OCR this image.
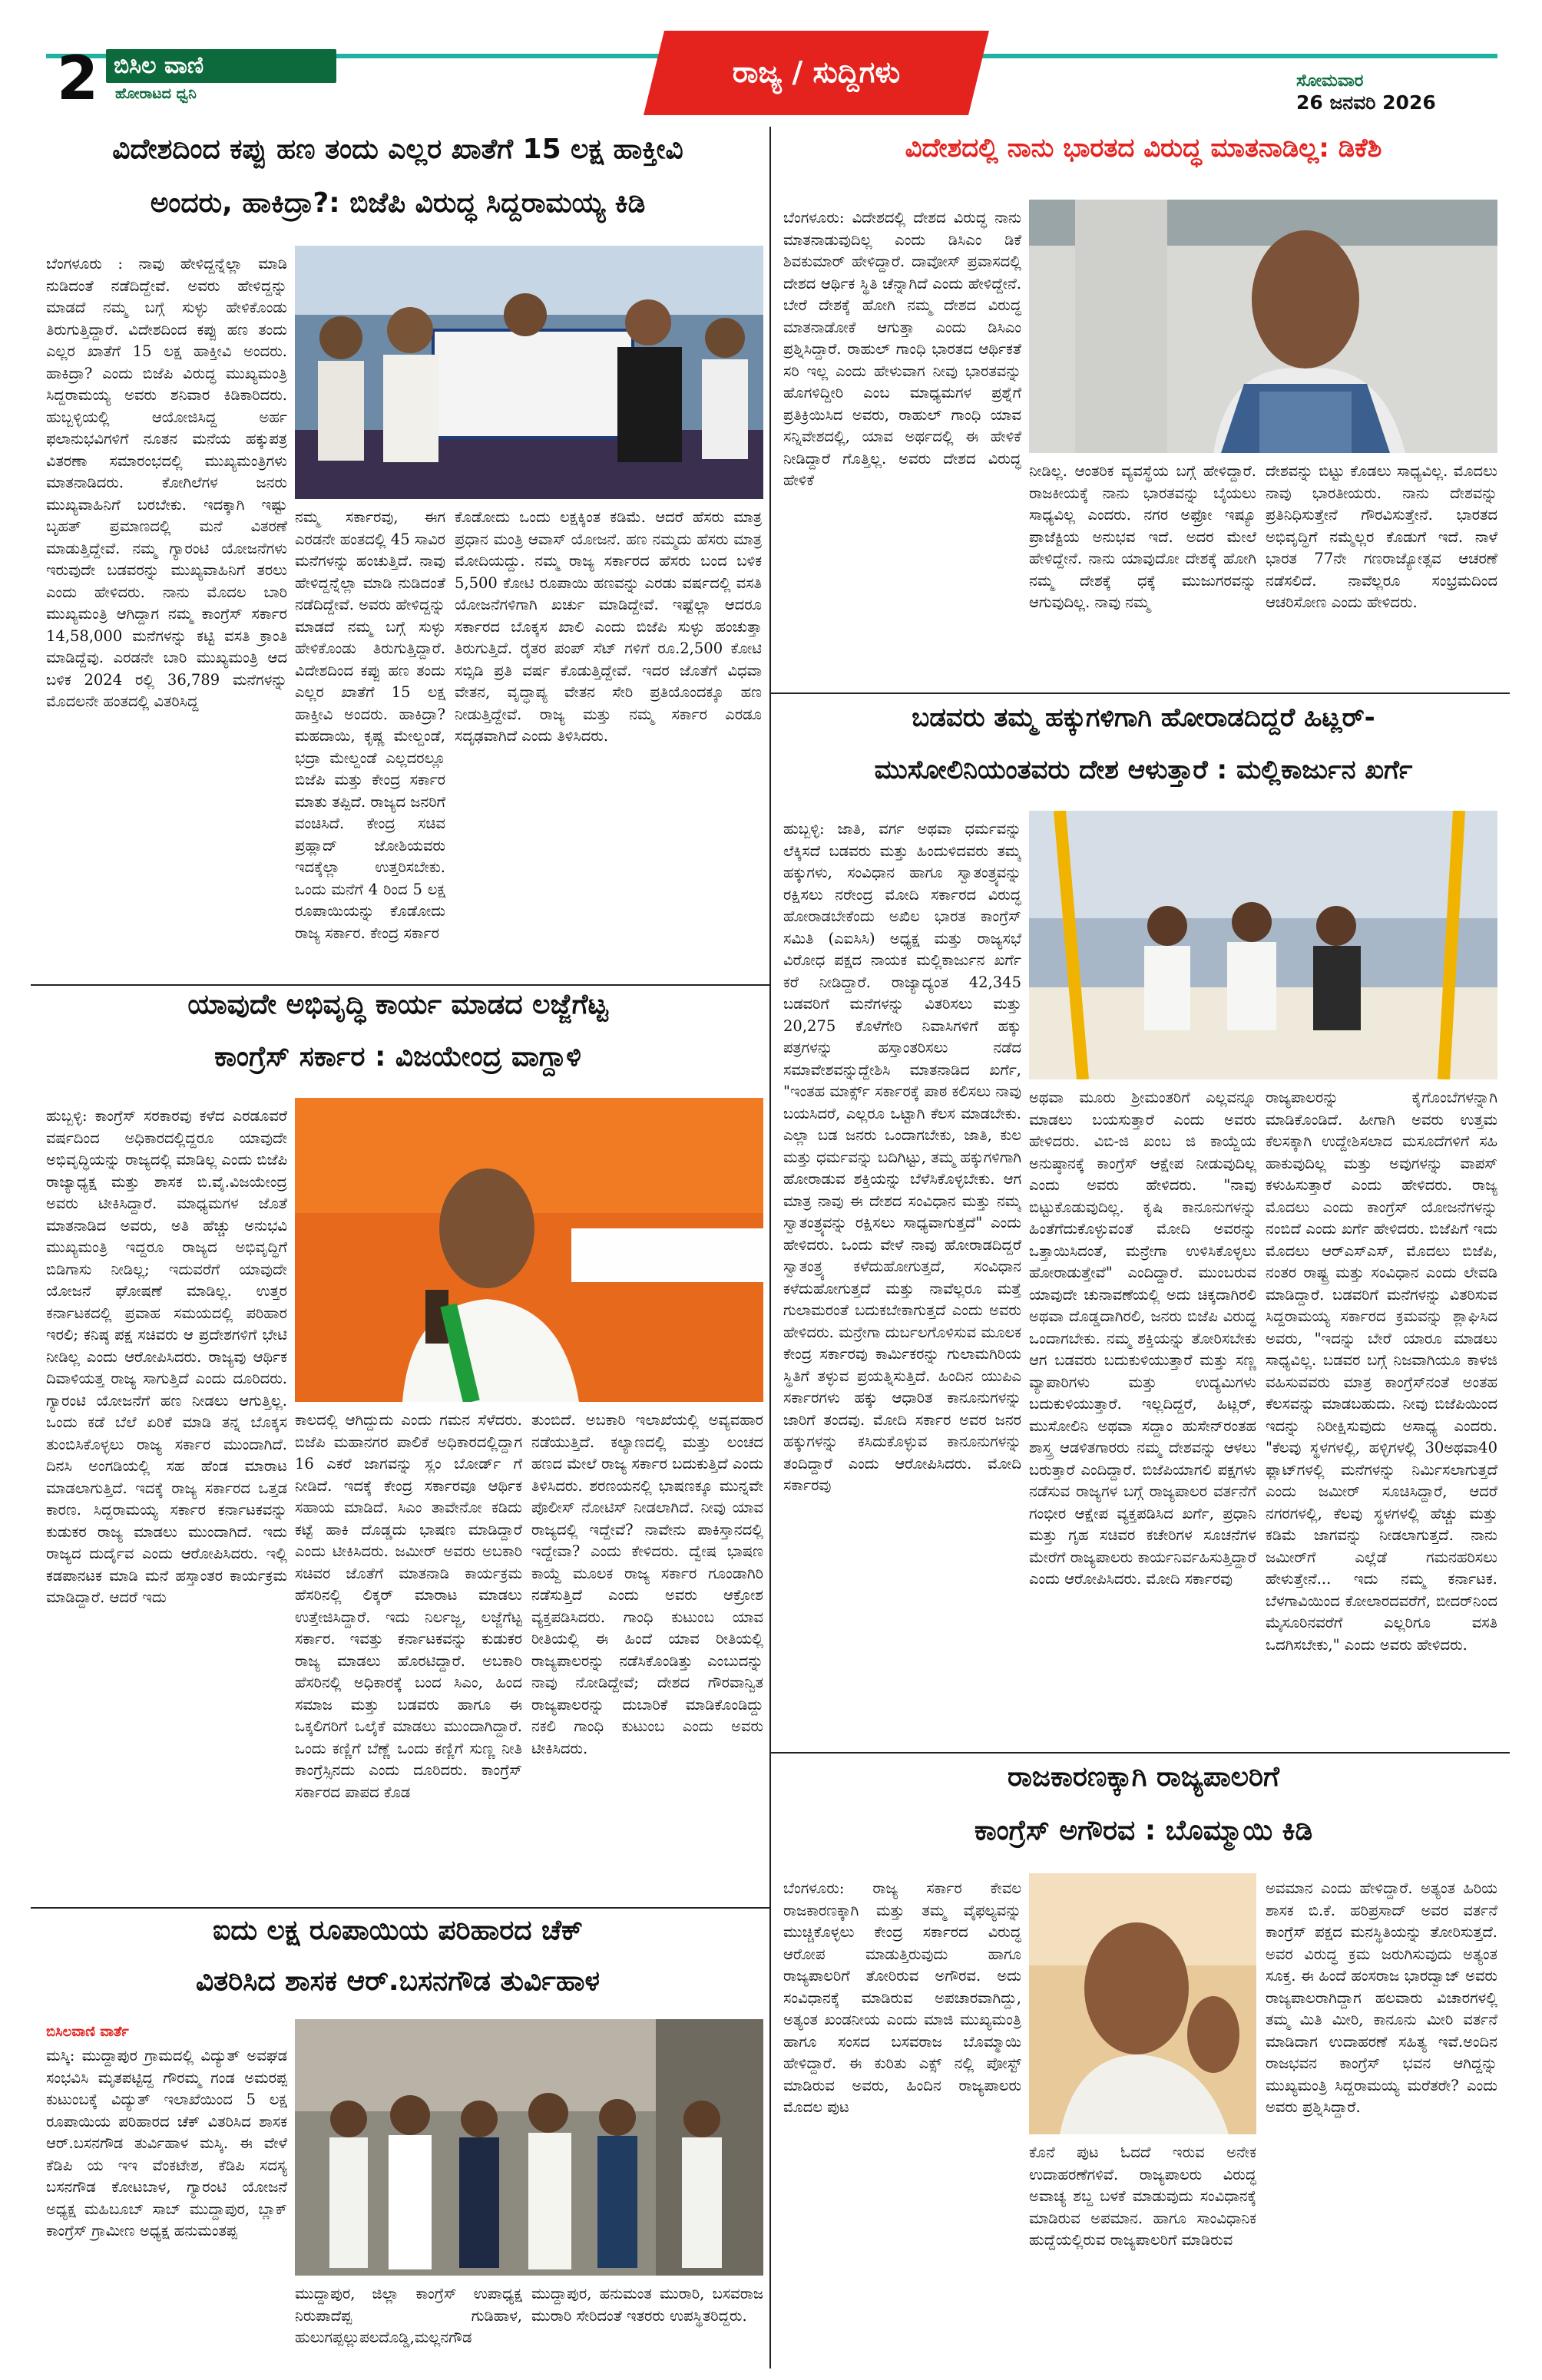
2 ಬಿಸಿಲ ವಾಣಿ
ಹೋರಾಟದ ಧ್ವನಿ
ರಾಜ್ಯ / ಸುದ್ದಿಗಳು	ಸೋಮವಾರ
26 ಜನವರಿ 2026
ವಿದೇಶದಿಂದ ಕಪ್ಪು ಹಣ ತಂದು ಎಲ್ಲರ ಖಾತೆಗೆ 15 ಲಕ್ಷ ಹಾಕ್ತೀವಿ
ಅಂದರು, ಹಾಕಿದ್ರಾ?: ಬಿಜೆಪಿ ವಿರುದ್ಧ ಸಿದ್ದರಾಮಯ್ಯ ಕಿಡಿ
ಬೆಂಗಳೂರು : ನಾವು ಹೇಳಿದ್ದನ್ನೆಲ್ಲಾ ಮಾಡಿ ನುಡಿದಂತೆ ನಡೆದಿದ್ದೇವೆ. ಅವರು ಹೇಳಿದ್ದನ್ನು ಮಾಡದೆ ನಮ್ಮ ಬಗ್ಗೆ ಸುಳ್ಳು ಹೇಳಿಕೊಂಡು ತಿರುಗುತ್ತಿದ್ದಾರೆ. ವಿದೇಶದಿಂದ ಕಪ್ಪು ಹಣ ತಂದು ಎಲ್ಲರ ಖಾತೆಗೆ 15 ಲಕ್ಷ ಹಾಕ್ತೀವಿ ಅಂದರು. ಹಾಕಿದ್ರಾ? ಎಂದು ಬಿಜೆಪಿ ವಿರುದ್ಧ ಮುಖ್ಯಮಂತ್ರಿ ಸಿದ್ದರಾಮಯ್ಯ ಅವರು ಶನಿವಾರ ಕಿಡಿಕಾರಿದರು. ಹುಬ್ಬಳ್ಳಿಯಲ್ಲಿ ಆಯೋಜಿಸಿದ್ದ ಅರ್ಹ ಫಲಾನುಭವಿಗಳಿಗೆ ನೂತನ ಮನೆಯ ಹಕ್ಕುಪತ್ರ ವಿತರಣಾ ಸಮಾರಂಭದಲ್ಲಿ ಮುಖ್ಯಮಂತ್ರಿಗಳು ಮಾತನಾಡಿದರು. ಕೋಗಿಲೆಗಳ ಜನರು ಮುಖ್ಯವಾಹಿನಿಗೆ ಬರಬೇಕು. ಇದಕ್ಕಾಗಿ ಇಷ್ಟು ಬೃಹತ್ ಪ್ರಮಾಣದಲ್ಲಿ ಮನೆ ವಿತರಣೆ ಮಾಡುತ್ತಿದ್ದೇವೆ. ನಮ್ಮ ಗ್ಯಾರಂಟಿ ಯೋಜನೆಗಳು ಇರುವುದೇ ಬಡವರನ್ನು ಮುಖ್ಯವಾಹಿನಿಗೆ ತರಲು ಎಂದು ಹೇಳಿದರು. ನಾನು ಮೊದಲ ಬಾರಿ ಮುಖ್ಯಮಂತ್ರಿ ಆಗಿದ್ದಾಗ ನಮ್ಮ ಕಾಂಗ್ರೆಸ್ ಸರ್ಕಾರ 14,58,000 ಮನೆಗಳನ್ನು ಕಟ್ಟಿ ವಸತಿ ಕ್ರಾಂತಿ ಮಾಡಿದ್ದೆವು. ಎರಡನೇ ಬಾರಿ ಮುಖ್ಯಮಂತ್ರಿ ಆದ ಬಳಿಕ 2024 ರಲ್ಲಿ 36,789 ಮನೆಗಳನ್ನು ಮೊದಲನೇ ಹಂತದಲ್ಲಿ ವಿತರಿಸಿದ್ದ
ನಮ್ಮ ಸರ್ಕಾರವು, ಈಗ ಎರಡನೇ ಹಂತದಲ್ಲಿ 45 ಸಾವಿರ ಮನೆಗಳನ್ನು ಹಂಚುತ್ತಿದೆ. ನಾವು ಹೇಳಿದ್ದನ್ನೆಲ್ಲಾ ಮಾಡಿ ನುಡಿದಂತೆ ನಡೆದಿದ್ದೇವೆ. ಅವರು ಹೇಳಿದ್ದನ್ನು ಮಾಡದೆ ನಮ್ಮ ಬಗ್ಗೆ ಸುಳ್ಳು ಹೇಳಿಕೊಂಡು ತಿರುಗುತ್ತಿದ್ದಾರೆ. ವಿದೇಶದಿಂದ ಕಪ್ಪು ಹಣ ತಂದು ಎಲ್ಲರ ಖಾತೆಗೆ 15 ಲಕ್ಷ ಹಾಕ್ತೀವಿ ಅಂದರು. ಹಾಕಿದ್ರಾ? ಮಹದಾಯಿ, ಕೃಷ್ಣ ಮೇಲ್ದಂಡೆ, ಭದ್ರಾ ಮೇಲ್ದಂಡೆ ಎಲ್ಲದರಲ್ಲೂ ಬಿಜೆಪಿ ಮತ್ತು ಕೇಂದ್ರ ಸರ್ಕಾರ ಮಾತು ತಪ್ಪಿದೆ. ರಾಜ್ಯದ ಜನರಿಗೆ ವಂಚಿಸಿದೆ. ಕೇಂದ್ರ ಸಚಿವ ಪ್ರಹ್ಲಾದ್ ಜೋಶಿಯವರು ಇದಕ್ಕೆಲ್ಲಾ ಉತ್ತರಿಸಬೇಕು. ಒಂದು ಮನೆಗೆ 4 ರಿಂದ 5 ಲಕ್ಷ ರೂಪಾಯಿಯನ್ನು ಕೊಡೋದು ರಾಜ್ಯ ಸರ್ಕಾರ. ಕೇಂದ್ರ ಸರ್ಕಾರ
ಕೊಡೋದು ಒಂದು ಲಕ್ಷಕ್ಕಿಂತ ಕಡಿಮೆ. ಆದರೆ ಹೆಸರು ಮಾತ್ರ ಪ್ರಧಾನ ಮಂತ್ರಿ ಆವಾಸ್ ಯೋಜನೆ. ಹಣ ನಮ್ಮದು ಹೆಸರು ಮಾತ್ರ ಮೋದಿಯದ್ದು. ನಮ್ಮ ರಾಜ್ಯ ಸರ್ಕಾರದ ಹೆಸರು ಬಂದ ಬಳಿಕ 5,500 ಕೋಟಿ ರೂಪಾಯಿ ಹಣವನ್ನು ಎರಡು ವರ್ಷದಲ್ಲಿ ವಸತಿ ಯೋಜನೆಗಳಿಗಾಗಿ ಖರ್ಚು ಮಾಡಿದ್ದೇವೆ. ಇಷ್ಟೆಲ್ಲಾ ಆದರೂ ಸರ್ಕಾರದ ಬೊಕ್ಕಸ ಖಾಲಿ ಎಂದು ಬಿಜೆಪಿ ಸುಳ್ಳು ಹಂಚುತ್ತಾ ತಿರುಗುತ್ತಿದೆ. ರೈತರ ಪಂಪ್ ಸೆಟ್ ಗಳಿಗೆ ರೂ.2,500 ಕೋಟಿ ಸಬ್ಸಿಡಿ ಪ್ರತಿ ವರ್ಷ ಕೊಡುತ್ತಿದ್ದೇವೆ. ಇದರ ಜೊತೆಗೆ ವಿಧವಾ ವೇತನ, ವೃದ್ಧಾಪ್ಯ ವೇತನ ಸೇರಿ ಪ್ರತಿಯೊಂದಕ್ಕೂ ಹಣ ನೀಡುತ್ತಿದ್ದೇವೆ. ರಾಜ್ಯ ಮತ್ತು ನಮ್ಮ ಸರ್ಕಾರ ಎರಡೂ ಸದೃಢವಾಗಿದೆ ಎಂದು ತಿಳಿಸಿದರು.
ವಿದೇಶದಲ್ಲಿ ನಾನು ಭಾರತದ ವಿರುದ್ಧ ಮಾತನಾಡಿಲ್ಲ: ಡಿಕೆಶಿ
ಬೆಂಗಳೂರು: ವಿದೇಶದಲ್ಲಿ ದೇಶದ ವಿರುದ್ಧ ನಾನು ಮಾತನಾಡುವುದಿಲ್ಲ ಎಂದು ಡಿಸಿಎಂ ಡಿಕೆ ಶಿವಕುಮಾರ್ ಹೇಳಿದ್ದಾರೆ. ದಾವೋಸ್ ಪ್ರವಾಸದಲ್ಲಿ ದೇಶದ ಆರ್ಥಿಕ ಸ್ಥಿತಿ ಚೆನ್ನಾಗಿದೆ ಎಂದು ಹೇಳಿದ್ದೇನೆ. ಬೇರೆ ದೇಶಕ್ಕೆ ಹೋಗಿ ನಮ್ಮ ದೇಶದ ವಿರುದ್ಧ ಮಾತನಾಡೋಕೆ ಆಗುತ್ತಾ ಎಂದು ಡಿಸಿಎಂ ಪ್ರಶ್ನಿಸಿದ್ದಾರೆ. ರಾಹುಲ್ ಗಾಂಧಿ ಭಾರತದ ಆರ್ಥಿಕತೆ ಸರಿ ಇಲ್ಲ ಎಂದು ಹೇಳುವಾಗ ನೀವು ಭಾರತವನ್ನು ಹೊಗಳಿದ್ದೀರಿ ಎಂಬ ಮಾಧ್ಯಮಗಳ ಪ್ರಶ್ನೆಗೆ ಪ್ರತಿಕ್ರಿಯಿಸಿದ ಅವರು, ರಾಹುಲ್ ಗಾಂಧಿ ಯಾವ ಸನ್ನಿವೇಶದಲ್ಲಿ, ಯಾವ ಅರ್ಥದಲ್ಲಿ ಈ ಹೇಳಿಕೆ ನೀಡಿದ್ದಾರೆ ಗೊತ್ತಿಲ್ಲ. ಅವರು ದೇಶದ ವಿರುದ್ಧ ಹೇಳಿಕೆ
ನೀಡಿಲ್ಲ. ಆಂತರಿಕ ವ್ಯವಸ್ಥೆಯ ಬಗ್ಗೆ ಹೇಳಿದ್ದಾರೆ. ರಾಜಕೀಯಕ್ಕೆ ನಾನು ಭಾರತವನ್ನು ಬೈಯಲು ಸಾಧ್ಯವಿಲ್ಲ ಎಂದರು. ನಗರ ಅಫ್ರೋ ಇಷ್ಯೂ ಪ್ರಾಜೆಕ್ಟಿಯ ಅನುಭವ ಇದೆ. ಅದರ ಮೇಲೆ ಹೇಳಿದ್ದೇನೆ. ನಾನು ಯಾವುದೋ ದೇಶಕ್ಕೆ ಹೋಗಿ ನಮ್ಮ ದೇಶಕ್ಕೆ ಧಕ್ಕೆ ಮುಜುಗರವನ್ನು ಆಗುವುದಿಲ್ಲ. ನಾವು ನಮ್ಮ
ದೇಶವನ್ನು ಬಿಟ್ಟು ಕೊಡಲು ಸಾಧ್ಯವಿಲ್ಲ. ಮೊದಲು ನಾವು ಭಾರತೀಯರು. ನಾನು ದೇಶವನ್ನು ಪ್ರತಿನಿಧಿಸುತ್ತೇನೆ ಗೌರವಿಸುತ್ತೇನೆ. ಭಾರತದ ಅಭಿವೃದ್ಧಿಗೆ ನಮ್ಮೆಲ್ಲರ ಕೊಡುಗೆ ಇದೆ. ನಾಳೆ ಭಾರತ 77ನೇ ಗಣರಾಜ್ಯೋತ್ಸವ ಆಚರಣೆ ನಡೆಸಲಿದೆ. ನಾವೆಲ್ಲರೂ ಸಂಭ್ರಮದಿಂದ ಆಚರಿಸೋಣ ಎಂದು ಹೇಳಿದರು.
ಬಡವರು ತಮ್ಮ ಹಕ್ಕುಗಳಿಗಾಗಿ ಹೋರಾಡದಿದ್ದರೆ ಹಿಟ್ಲರ್-
ಮುಸೋಲಿನಿಯಂತವರು ದೇಶ ಆಳುತ್ತಾರೆ : ಮಲ್ಲಿಕಾರ್ಜುನ ಖರ್ಗೆ
ಹುಬ್ಬಳ್ಳಿ: ಜಾತಿ, ವರ್ಗ ಅಥವಾ ಧರ್ಮವನ್ನು ಲೆಕ್ಕಿಸದೆ ಬಡವರು ಮತ್ತು ಹಿಂದುಳಿದವರು ತಮ್ಮ ಹಕ್ಕುಗಳು, ಸಂವಿಧಾನ ಹಾಗೂ ಸ್ವಾತಂತ್ರ್ಯವನ್ನು ರಕ್ಷಿಸಲು ನರೇಂದ್ರ ಮೋದಿ ಸರ್ಕಾರದ ವಿರುದ್ಧ ಹೋರಾಡಬೇಕೆಂದು ಅಖಿಲ ಭಾರತ ಕಾಂಗ್ರೆಸ್ ಸಮಿತಿ (ಎಐಸಿಸಿ) ಅಧ್ಯಕ್ಷ ಮತ್ತು ರಾಜ್ಯಸಭೆ ವಿರೋಧ ಪಕ್ಷದ ನಾಯಕ ಮಲ್ಲಿಕಾರ್ಜುನ ಖರ್ಗೆ ಕರೆ ನೀಡಿದ್ದಾರೆ. ರಾಜ್ಯಾದ್ಯಂತ 42,345 ಬಡವರಿಗೆ ಮನೆಗಳನ್ನು ವಿತರಿಸಲು ಮತ್ತು 20,275 ಕೊಳೆಗೇರಿ ನಿವಾಸಿಗಳಿಗೆ ಹಕ್ಕು ಪತ್ರಗಳನ್ನು ಹಸ್ತಾಂತರಿಸಲು ನಡೆದ ಸಮಾವೇಶವನ್ನುದ್ದೇಶಿಸಿ ಮಾತನಾಡಿದ ಖರ್ಗೆ, "ಇಂತಹ ಮಾರ್ಕ್ಸ್ ಸರ್ಕಾರಕ್ಕೆ ಪಾಠ ಕಲಿಸಲು ನಾವು ಬಯಸಿದರೆ, ಎಲ್ಲರೂ ಒಟ್ಟಾಗಿ ಕೆಲಸ ಮಾಡಬೇಕು. ಎಲ್ಲಾ ಬಡ ಜನರು ಒಂದಾಗಬೇಕು, ಜಾತಿ, ಕುಲ ಮತ್ತು ಧರ್ಮವನ್ನು ಬದಿಗಿಟ್ಟು, ತಮ್ಮ ಹಕ್ಕುಗಳಿಗಾಗಿ ಹೋರಾಡುವ ಶಕ್ತಿಯನ್ನು ಬೆಳೆಸಿಕೊಳ್ಳಬೇಕು. ಆಗ ಮಾತ್ರ ನಾವು ಈ ದೇಶದ ಸಂವಿಧಾನ ಮತ್ತು ನಮ್ಮ ಸ್ವಾತಂತ್ರ್ಯವನ್ನು ರಕ್ಷಿಸಲು ಸಾಧ್ಯವಾಗುತ್ತದೆ" ಎಂದು ಹೇಳಿದರು. ಒಂದು ವೇಳೆ ನಾವು ಹೋರಾಡದಿದ್ದರೆ ಸ್ವಾತಂತ್ರ್ಯ ಕಳೆದುಹೋಗುತ್ತದೆ, ಸಂವಿಧಾನ ಕಳೆದುಹೋಗುತ್ತದೆ ಮತ್ತು ನಾವೆಲ್ಲರೂ ಮತ್ತೆ ಗುಲಾಮರಂತೆ ಬದುಕಬೇಕಾಗುತ್ತದೆ ಎಂದು ಅವರು ಹೇಳಿದರು. ಮನ್ರೇಗಾ ದುರ್ಬಲಗೊಳಿಸುವ ಮೂಲಕ ಕೇಂದ್ರ ಸರ್ಕಾರವು ಕಾರ್ಮಿಕರನ್ನು ಗುಲಾಮಗಿರಿಯ ಸ್ಥಿತಿಗೆ ತಳ್ಳುವ ಪ್ರಯತ್ನಿಸುತ್ತಿದೆ. ಹಿಂದಿನ ಯುಪಿಎ ಸರ್ಕಾರಗಳು ಹಕ್ಕು ಆಧಾರಿತ ಕಾನೂನುಗಳನ್ನು ಜಾರಿಗೆ ತಂದವು. ಮೋದಿ ಸರ್ಕಾರ ಅವರ ಜನರ ಹಕ್ಕುಗಳನ್ನು ಕಸಿದುಕೊಳ್ಳುವ ಕಾನೂನುಗಳನ್ನು ತಂದಿದ್ದಾರೆ ಎಂದು ಆರೋಪಿಸಿದರು. ಮೋದಿ ಸರ್ಕಾರವು
ಅಥವಾ ಮೂರು ಶ್ರೀಮಂತರಿಗೆ ಎಲ್ಲವನ್ನೂ ಮಾಡಲು ಬಯಸುತ್ತಾರೆ ಎಂದು ಅವರು ಹೇಳಿದರು. ವಿಬಿ-ಜಿ ಖಂಬ ಜಿ ಕಾಯ್ದೆಯ ಅನುಷ್ಠಾನಕ್ಕೆ ಕಾಂಗ್ರೆಸ್ ಆಕ್ಷೇಪ ನೀಡುವುದಿಲ್ಲ ಎಂದು ಅವರು ಹೇಳಿದರು. "ನಾವು ಬಿಟ್ಟುಕೊಡುವುದಿಲ್ಲ. ಕೃಷಿ ಕಾನೂನುಗಳನ್ನು ಹಿಂತೆಗೆದುಕೊಳ್ಳುವಂತೆ ಮೋದಿ ಅವರನ್ನು ಒತ್ತಾಯಿಸಿದಂತೆ, ಮನ್ರೇಗಾ ಉಳಿಸಿಕೊಳ್ಳಲು ಹೋರಾಡುತ್ತೇವೆ" ಎಂದಿದ್ದಾರೆ. ಮುಂಬರುವ ಯಾವುದೇ ಚುನಾವಣೆಯಲ್ಲಿ ಅದು ಚಿಕ್ಕದಾಗಿರಲಿ ಅಥವಾ ದೊಡ್ಡದಾಗಿರಲಿ, ಜನರು ಬಿಜೆಪಿ ವಿರುದ್ಧ ಒಂದಾಗಬೇಕು. ನಮ್ಮ ಶಕ್ತಿಯನ್ನು ತೋರಿಸಬೇಕು ಆಗ ಬಡವರು ಬದುಕುಳಿಯುತ್ತಾರೆ ಮತ್ತು ಸಣ್ಣ ವ್ಯಾಪಾರಿಗಳು ಮತ್ತು ಉದ್ಯಮಿಗಳು ಬದುಕುಳಿಯುತ್ತಾರೆ. ಇಲ್ಲದಿದ್ದರೆ, ಹಿಟ್ಲರ್, ಮುಸೋಲಿನಿ ಅಥವಾ ಸದ್ದಾಂ ಹುಸೇನ್‌ರಂತಹ ಶಾಸ್ತ್ರ ಆಡಳಿತಗಾರರು ನಮ್ಮ ದೇಶವನ್ನು ಆಳಲು ಬರುತ್ತಾರೆ ಎಂದಿದ್ದಾರೆ. ಬಿಜೆಪಿಯಾಗಲಿ ಪಕ್ಷಗಳು ನಡೆಸುವ ರಾಜ್ಯಗಳ ಬಗ್ಗೆ ರಾಜ್ಯಪಾಲರ ವರ್ತನೆಗೆ ಗಂಭೀರ ಆಕ್ಷೇಪ ವ್ಯಕ್ತಪಡಿಸಿದ ಖರ್ಗೆ, ಪ್ರಧಾನಿ ಮತ್ತು ಗೃಹ ಸಚಿವರ ಕಚೇರಿಗಳ ಸೂಚನೆಗಳ ಮೇರೆಗೆ ರಾಜ್ಯಪಾಲರು ಕಾರ್ಯನಿರ್ವಹಿಸುತ್ತಿದ್ದಾರೆ ಎಂದು ಆರೋಪಿಸಿದರು. ಮೋದಿ ಸರ್ಕಾರವು
ರಾಜ್ಯಪಾಲರನ್ನು ಕೈಗೊಂಬೆಗಳನ್ನಾಗಿ ಮಾಡಿಕೊಂಡಿದೆ. ಹೀಗಾಗಿ ಅವರು ಉತ್ತಮ ಕೆಲಸಕ್ಕಾಗಿ ಉದ್ದೇಶಿಸಲಾದ ಮಸೂದೆಗಳಿಗೆ ಸಹಿ ಹಾಕುವುದಿಲ್ಲ ಮತ್ತು ಅವುಗಳನ್ನು ವಾಪಸ್ ಕಳುಹಿಸುತ್ತಾರೆ ಎಂದು ಹೇಳಿದರು. ರಾಜ್ಯ ಮೊದಲು ಎಂದು ಕಾಂಗ್ರೆಸ್ ಯೋಜನೆಗಳನ್ನು ನಂಬಿದೆ ಎಂದು ಖರ್ಗೆ ಹೇಳಿದರು. ಬಿಜೆಪಿಗೆ ಇದು ಮೊದಲು ಆರ್‌ಎಸ್‌ಎಸ್, ಮೊದಲು ಬಿಜೆಪಿ, ನಂತರ ರಾಷ್ಟ್ರ ಮತ್ತು ಸಂವಿಧಾನ ಎಂದು ಲೇವಡಿ ಮಾಡಿದ್ದಾರೆ. ಬಡವರಿಗೆ ಮನೆಗಳನ್ನು ವಿತರಿಸುವ ಸಿದ್ದರಾಮಯ್ಯ ಸರ್ಕಾರದ ಕ್ರಮವನ್ನು ಶ್ಲಾಘಿಸಿದ ಅವರು, "ಇದನ್ನು ಬೇರೆ ಯಾರೂ ಮಾಡಲು ಸಾಧ್ಯವಿಲ್ಲ. ಬಡವರ ಬಗ್ಗೆ ನಿಜವಾಗಿಯೂ ಕಾಳಜಿ ವಹಿಸುವವರು ಮಾತ್ರ ಕಾಂಗ್ರೆಸ್‌ನಂತೆ ಅಂತಹ ಕೆಲಸವನ್ನು ಮಾಡಬಹುದು. ನೀವು ಬಿಜೆಪಿಯಿಂದ ಇದನ್ನು ನಿರೀಕ್ಷಿಸುವುದು ಅಸಾಧ್ಯ ಎಂದರು. "ಕೆಲವು ಸ್ಥಳಗಳಲ್ಲಿ, ಹಳ್ಳಿಗಳಲ್ಲಿ 30ಅಥವಾ40 ಫ್ಲಾಟ್‌ಗಳಲ್ಲಿ ಮನೆಗಳನ್ನು ನಿರ್ಮಿಸಲಾಗುತ್ತದೆ ಎಂದು ಜಮೀರ್ ಸೂಚಿಸಿದ್ದಾರೆ, ಆದರೆ ನಗರಗಳಲ್ಲಿ, ಕೆಲವು ಸ್ಥಳಗಳಲ್ಲಿ ಹೆಚ್ಚು ಮತ್ತು ಕಡಿಮೆ ಜಾಗವನ್ನು ನೀಡಲಾಗುತ್ತದೆ. ನಾನು ಜಮೀರ್‌ಗೆ ಎಲ್ಲೆಡೆ ಗಮನಹರಿಸಲು ಹೇಳುತ್ತೇನೆ... ಇದು ನಮ್ಮ ಕರ್ನಾಟಕ. ಬೆಳಗಾವಿಯಿಂದ ಕೋಲಾರದವರೆಗೆ, ಬೀದರ್‌ನಿಂದ ಮೈಸೂರಿನವರೆಗೆ ಎಲ್ಲರಿಗೂ ವಸತಿ ಒದಗಿಸಬೇಕು," ಎಂದು ಅವರು ಹೇಳಿದರು.
ಯಾವುದೇ ಅಭಿವೃದ್ಧಿ ಕಾರ್ಯ ಮಾಡದ ಲಜ್ಜೆಗೆಟ್ಟ
ಕಾಂಗ್ರೆಸ್ ಸರ್ಕಾರ : ವಿಜಯೇಂದ್ರ ವಾಗ್ದಾಳಿ
ಹುಬ್ಬಳ್ಳಿ: ಕಾಂಗ್ರೆಸ್ ಸರಕಾರವು ಕಳೆದ ಎರಡೂವರೆ ವರ್ಷದಿಂದ ಅಧಿಕಾರದಲ್ಲಿದ್ದರೂ ಯಾವುದೇ ಅಭಿವೃದ್ಧಿಯನ್ನು ರಾಜ್ಯದಲ್ಲಿ ಮಾಡಿಲ್ಲ ಎಂದು ಬಿಜೆಪಿ ರಾಜ್ಯಾಧ್ಯಕ್ಷ ಮತ್ತು ಶಾಸಕ ಬಿ.ವೈ.ವಿಜಯೇಂದ್ರ ಅವರು ಟೀಕಿಸಿದ್ದಾರೆ. ಮಾಧ್ಯಮಗಳ ಜೊತೆ ಮಾತನಾಡಿದ ಅವರು, ಅತಿ ಹೆಚ್ಚು ಅನುಭವಿ ಮುಖ್ಯಮಂತ್ರಿ ಇದ್ದರೂ ರಾಜ್ಯದ ಅಭಿವೃದ್ಧಿಗೆ ಬಿಡಿಗಾಸು ನೀಡಿಲ್ಲ; ಇದುವರೆಗೆ ಯಾವುದೇ ಯೋಜನೆ ಘೋಷಣೆ ಮಾಡಿಲ್ಲ. ಉತ್ತರ ಕರ್ನಾಟಕದಲ್ಲಿ ಪ್ರವಾಹ ಸಮಯದಲ್ಲಿ ಪರಿಹಾರ ಇರಲಿ; ಕನಿಷ್ಠ ಪಕ್ಷ ಸಚಿವರು ಆ ಪ್ರದೇಶಗಳಿಗೆ ಭೇಟಿ ನೀಡಿಲ್ಲ ಎಂದು ಆರೋಪಿಸಿದರು. ರಾಜ್ಯವು ಆರ್ಥಿಕ ದಿವಾಳಿಯತ್ತ ರಾಜ್ಯ ಸಾಗುತ್ತಿದೆ ಎಂದು ದೂರಿದರು. ಗ್ಯಾರಂಟಿ ಯೋಜನೆಗೆ ಹಣ ನೀಡಲು ಆಗುತ್ತಿಲ್ಲ. ಒಂದು ಕಡೆ ಬೆಲೆ ಏರಿಕೆ ಮಾಡಿ ತನ್ನ ಬೊಕ್ಕಸ ತುಂಬಿಸಿಕೊಳ್ಳಲು ರಾಜ್ಯ ಸರ್ಕಾರ ಮುಂದಾಗಿದೆ. ದಿನಸಿ ಅಂಗಡಿಯಲ್ಲಿ ಸಹ ಹೆಂಡ ಮಾರಾಟ ಮಾಡಲಾಗುತ್ತಿದೆ. ಇದಕ್ಕೆ ರಾಜ್ಯ ಸರ್ಕಾರದ ಒತ್ತಡ ಕಾರಣ. ಸಿದ್ದರಾಮಯ್ಯ ಸರ್ಕಾರ ಕರ್ನಾಟಕವನ್ನು ಕುಡುಕರ ರಾಜ್ಯ ಮಾಡಲು ಮುಂದಾಗಿದೆ. ಇದು ರಾಜ್ಯದ ದುರ್ದೈವ ಎಂದು ಆರೋಪಿಸಿದರು. ಇಲ್ಲಿ ಕಡಪಾನಟಕ ಮಾಡಿ ಮನೆ ಹಸ್ತಾಂತರ ಕಾರ್ಯಕ್ರಮ ಮಾಡಿದ್ದಾರೆ. ಆದರೆ ಇದು
ಕಾಲದಲ್ಲಿ ಆಗಿದ್ದುದು ಎಂದು ಗಮನ ಸೆಳೆದರು. ಬಿಜೆಪಿ ಮಹಾನಗರ ಪಾಲಿಕೆ ಅಧಿಕಾರದಲ್ಲಿದ್ದಾಗ 16 ಎಕರೆ ಜಾಗವನ್ನು ಸ್ಲಂ ಬೋರ್ಡ್ ಗೆ ನೀಡಿದೆ. ಇದಕ್ಕೆ ಕೇಂದ್ರ ಸರ್ಕಾರವೂ ಆರ್ಥಿಕ ಸಹಾಯ ಮಾಡಿದೆ. ಸಿಎಂ ತಾವೇನೋ ಕಡಿದು ಕಟ್ಟೆ ಹಾಕಿ ದೊಡ್ಡದು ಭಾಷಣ ಮಾಡಿದ್ದಾರೆ ಎಂದು ಟೀಕಿಸಿದರು. ಜಮೀರ್ ಅವರು ಅಬಕಾರಿ ಸಚಿವರ ಜೊತೆಗೆ ಮಾತನಾಡಿ ಕಾರ್ಯಕ್ರಮ ಹೆಸರಿನಲ್ಲಿ ಲಿಕ್ಕರ್ ಮಾರಾಟ ಮಾಡಲು ಉತ್ತೇಜಿಸಿದ್ದಾರೆ. ಇದು ನಿರ್ಲಜ್ಜ, ಲಜ್ಜೆಗೆಟ್ಟ ಸರ್ಕಾರ. ಇವತ್ತು ಕರ್ನಾಟಕವನ್ನು ಕುಡುಕರ ರಾಜ್ಯ ಮಾಡಲು ಹೊರಟಿದ್ದಾರೆ. ಅಬಕಾರಿ ಹೆಸರಿನಲ್ಲಿ ಅಧಿಕಾರಕ್ಕೆ ಬಂದ ಸಿಎಂ, ಹಿಂದ ಸಮಾಜ ಮತ್ತು ಬಡವರು ಹಾಗೂ ಈ ಒಕ್ಕಲಿಗರಿಗೆ ಒಲೈಕೆ ಮಾಡಲು ಮುಂದಾಗಿದ್ದಾರೆ. ಒಂದು ಕಣ್ಣಿಗೆ ಬೆಣ್ಣೆ ಒಂದು ಕಣ್ಣಿಗೆ ಸುಣ್ಣ ನೀತಿ ಕಾಂಗ್ರೆಸ್ಸಿನದು ಎಂದು ದೂರಿದರು. ಕಾಂಗ್ರೆಸ್ ಸರ್ಕಾರದ ಪಾಪದ ಕೊಡ
ತುಂಬಿದೆ. ಅಬಕಾರಿ ಇಲಾಖೆಯಲ್ಲಿ ಅವ್ಯವಹಾರ ನಡೆಯುತ್ತಿದೆ. ಕಲ್ಯಾಣದಲ್ಲಿ ಮತ್ತು ಲಂಚದ ಹಣದ ಮೇಲೆ ರಾಜ್ಯ ಸರ್ಕಾರ ಬದುಕುತ್ತಿದೆ ಎಂದು ತಿಳಿಸಿದರು. ಶರಣಯನಲ್ಲಿ ಭಾಷಣಕ್ಕೂ ಮುನ್ನವೇ ಪೊಲೀಸ್ ನೋಟಿಸ್ ನೀಡಲಾಗಿದೆ. ನೀವು ಯಾವ ರಾಜ್ಯದಲ್ಲಿ ಇದ್ದೇವೆ? ನಾವೇನು ಪಾಕಿಸ್ತಾನದಲ್ಲಿ ಇದ್ದೇವಾ? ಎಂದು ಕೇಳಿದರು. ದ್ವೇಷ ಭಾಷಣ ಕಾಯ್ದೆ ಮೂಲಕ ರಾಜ್ಯ ಸರ್ಕಾರ ಗೂಂಡಾಗಿರಿ ನಡೆಸುತ್ತಿದೆ ಎಂದು ಅವರು ಆಕ್ರೋಶ ವ್ಯಕ್ತಪಡಿಸಿದರು. ಗಾಂಧಿ ಕುಟುಂಬ ಯಾವ ರೀತಿಯಲ್ಲಿ ಈ ಹಿಂದೆ ಯಾವ ರೀತಿಯಲ್ಲಿ ರಾಜ್ಯಪಾಲರನ್ನು ನಡೆಸಿಕೊಂಡಿತ್ತು ಎಂಬುದನ್ನು ನಾವು ನೋಡಿದ್ದೇವೆ; ದೇಶದ ಗೌರವಾನ್ವಿತ ರಾಜ್ಯಪಾಲರನ್ನು ದುಬಾರಿಕೆ ಮಾಡಿಕೊಂಡಿದ್ದು ನಕಲಿ ಗಾಂಧಿ ಕುಟುಂಬ ಎಂದು ಅವರು ಟೀಕಿಸಿದರು.
ಐದು ಲಕ್ಷ ರೂಪಾಯಿಯ ಪರಿಹಾರದ ಚೆಕ್
ವಿತರಿಸಿದ ಶಾಸಕ ಆರ್.ಬಸನಗೌಡ ತುರ್ವಿಹಾಳ
ಬಿಸಿಲವಾಣಿ ವಾರ್ತೆ
ಮಸ್ಕಿ: ಮುದ್ದಾಪುರ ಗ್ರಾಮದಲ್ಲಿ ವಿದ್ಯುತ್ ಅವಘಡ ಸಂಭವಿಸಿ ಮೃತಪಟ್ಟಿದ್ದ ಗೌರಮ್ಮ ಗಂಡ ಅಮರಪ್ಪ ಕುಟುಂಬಕ್ಕೆ ವಿದ್ಯುತ್ ಇಲಾಖೆಯಿಂದ 5 ಲಕ್ಷ ರೂಪಾಯಿಯ ಪರಿಹಾರದ ಚೆಕ್ ವಿತರಿಸಿದ ಶಾಸಕ ಆರ್.ಬಸನಗೌಡ ತುರ್ವಿಹಾಳ ಮಸ್ಕಿ. ಈ ವೇಳೆ ಕೆಡಿಪಿ ಯ ಇಇ ವೆಂಕಟೇಶ, ಕೆಡಿಪಿ ಸದಸ್ಯ ಬಸನಗೌಡ ಕೋಟಬಾಳ, ಗ್ಯಾರಂಟಿ ಯೋಜನೆ ಅಧ್ಯಕ್ಷ ಮಹಿಬೂಬ್ ಸಾಬ್ ಮುದ್ದಾಪುರ, ಬ್ಲಾಕ್ ಕಾಂಗ್ರೆಸ್ ಗ್ರಾಮೀಣ ಅಧ್ಯಕ್ಷ ಹನುಮಂತಪ್ಪ
ಮುದ್ದಾಪುರ, ಜಿಲ್ಲಾ ಕಾಂಗ್ರೆಸ್ ಉಪಾಧ್ಯಕ್ಷ ನಿರುಪಾದೆಪ್ಪ ಗುಡಿಹಾಳ, ಹುಲುಗಪ್ಪಲ್ಲುಪಲದೊಡ್ಡಿ,ಮಲ್ಲನಗೌಡ
ಮುದ್ದಾಪುರ, ಹನುಮಂತ ಮುರಾರಿ, ಬಸವರಾಜ ಮುರಾರಿ ಸೇರಿದಂತೆ ಇತರರು ಉಪಸ್ಥಿತರಿದ್ದರು.
ರಾಜಕಾರಣಕ್ಕಾಗಿ ರಾಜ್ಯಪಾಲರಿಗೆ
ಕಾಂಗ್ರೆಸ್ ಅಗೌರವ : ಬೊಮ್ಮಾಯಿ ಕಿಡಿ
ಬೆಂಗಳೂರು: ರಾಜ್ಯ ಸರ್ಕಾರ ಕೇವಲ ರಾಜಕಾರಣಕ್ಕಾಗಿ ಮತ್ತು ತಮ್ಮ ವೈಫಲ್ಯವನ್ನು ಮುಚ್ಚಿಕೊಳ್ಳಲು ಕೇಂದ್ರ ಸರ್ಕಾರದ ವಿರುದ್ಧ ಆರೋಪ ಮಾಡುತ್ತಿರುವುದು ಹಾಗೂ ರಾಜ್ಯಪಾಲರಿಗೆ ತೋರಿರುವ ಅಗೌರವ. ಅದು ಸಂವಿಧಾನಕ್ಕೆ ಮಾಡಿರುವ ಅಪಚಾರವಾಗಿದ್ದು, ಅತ್ಯಂತ ಖಂಡನೀಯ ಎಂದು ಮಾಜಿ ಮುಖ್ಯಮಂತ್ರಿ ಹಾಗೂ ಸಂಸದ ಬಸವರಾಜ ಬೊಮ್ಮಾಯಿ ಹೇಳಿದ್ದಾರೆ. ಈ ಕುರಿತು ಎಕ್ಸ್ ನಲ್ಲಿ ಪೋಸ್ಟ್ ಮಾಡಿರುವ ಅವರು, ಹಿಂದಿನ ರಾಜ್ಯಪಾಲರು ಮೊದಲ ಪುಟ
ಕೊನೆ ಪುಟ ಓದದೆ ಇರುವ ಅನೇಕ ಉದಾಹರಣೆಗಳಿವೆ. ರಾಜ್ಯಪಾಲರು ವಿರುದ್ಧ ಅವಾಚ್ಯ ಶಬ್ದ ಬಳಕೆ ಮಾಡುವುದು ಸಂವಿಧಾನಕ್ಕೆ ಮಾಡಿರುವ ಅಪಮಾನ. ಹಾಗೂ ಸಾಂವಿಧಾನಿಕ ಹುದ್ದೆಯಲ್ಲಿರುವ ರಾಜ್ಯಪಾಲರಿಗೆ ಮಾಡಿರುವ
ಅವಮಾನ ಎಂದು ಹೇಳಿದ್ದಾರೆ. ಅತ್ಯಂತ ಹಿರಿಯ ಶಾಸಕ ಬಿ.ಕೆ. ಹರಿಪ್ರಸಾದ್ ಅವರ ವರ್ತನೆ ಕಾಂಗ್ರೆಸ್ ಪಕ್ಷದ ಮನಸ್ಥಿತಿಯನ್ನು ತೋರಿಸುತ್ತದೆ. ಅವರ ವಿರುದ್ಧ ಕ್ರಮ ಜರುಗಿಸುವುದು ಅತ್ಯಂತ ಸೂಕ್ತ. ಈ ಹಿಂದೆ ಹಂಸರಾಜ ಭಾರದ್ವಾಜ್ ಅವರು ರಾಜ್ಯಪಾಲರಾಗಿದ್ದಾಗ ಹಲವಾರು ವಿಚಾರಗಳಲ್ಲಿ ತಮ್ಮ ಮಿತಿ ಮೀರಿ, ಕಾನೂನು ಮೀರಿ ವರ್ತನೆ ಮಾಡಿದಾಗ ಉದಾಹರಣೆ ಸಹಿತ್ಯ ಇವೆ.ಅಂದಿನ ರಾಜಭವನ ಕಾಂಗ್ರೆಸ್ ಭವನ ಆಗಿದ್ದನ್ನು ಮುಖ್ಯಮಂತ್ರಿ ಸಿದ್ದರಾಮಯ್ಯ ಮರೆತರೇ? ಎಂದು ಅವರು ಪ್ರಶ್ನಿಸಿದ್ದಾರೆ.
